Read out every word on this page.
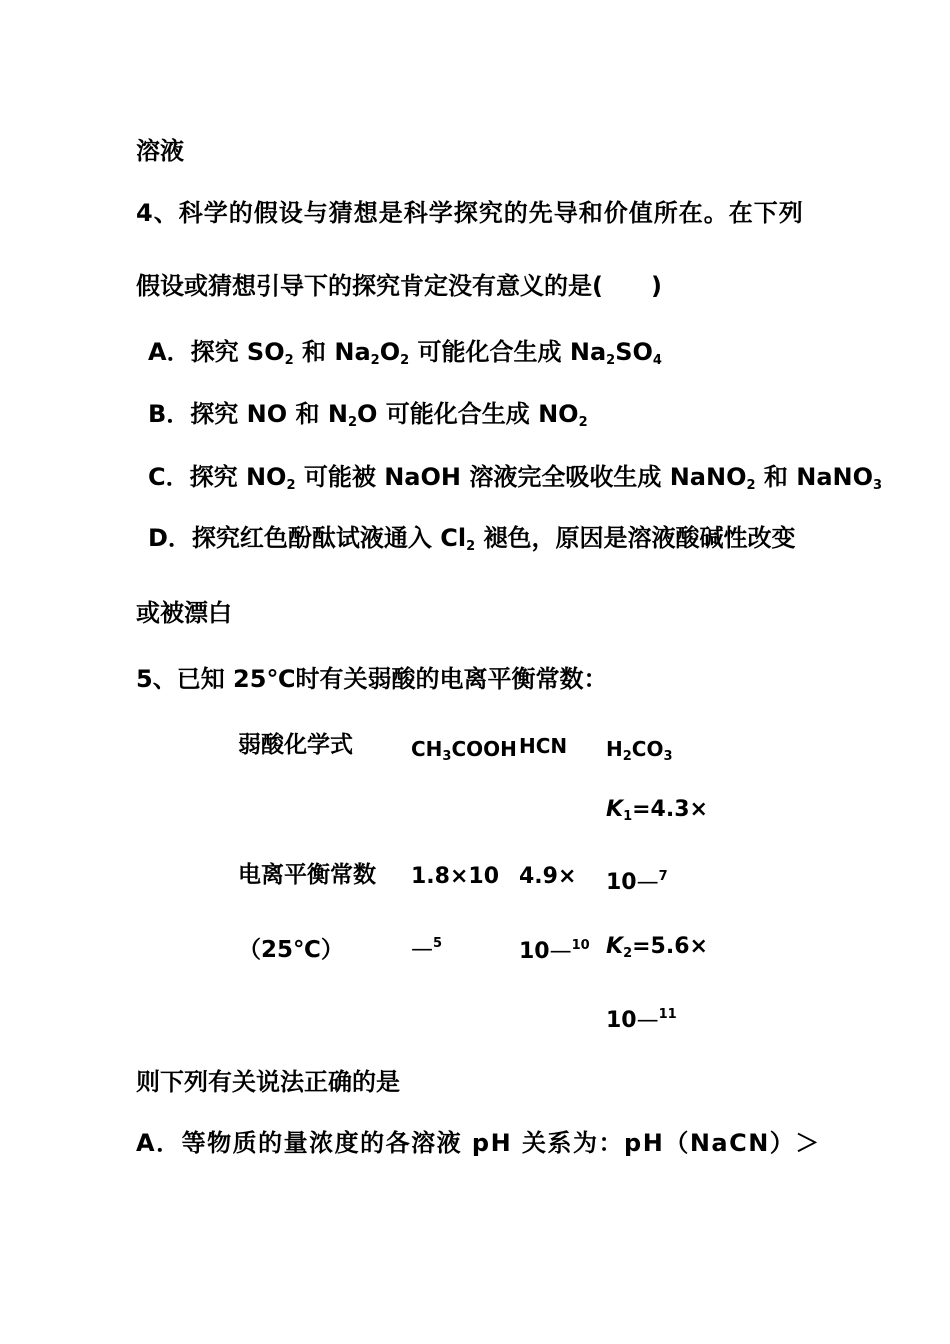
溶液
4、科学的假设与猜想是科学探究的先导和价值所在。在下列
假设或猜想引导下的探究肯定没有意义的是(　　)
A．探究 $SO_2$ 和 $Na_2O_2$ 可能化合生成 $Na_2SO_4$
B．探究 NO 和 $N_2O$ 可能化合生成 $NO_2$
C．探究 $NO_2$ 可能被 NaOH 溶液完全吸收生成 NaNO$_2$ 和 NaNO$_3$
D．探究红色酚酞试液通入 $Cl_2$ 褪色，原因是溶液酸碱性改变
或被漂白
5、已知 25℃时有关弱酸的电离平衡常数：
弱酸化学式	$CH_3COOH$ HCN $H_2CO_3$
电离平衡常数
（25℃）
1.8×10
—$^5$
4.9×
10—$^{10}$
$K_1=4.3\times$
10—$^7$
$K_2=5.6\times$
10—$^{11}$
则下列有关说法正确的是
A．等物质的量浓度的各溶液 pH 关系为：pH（NaCN）＞
